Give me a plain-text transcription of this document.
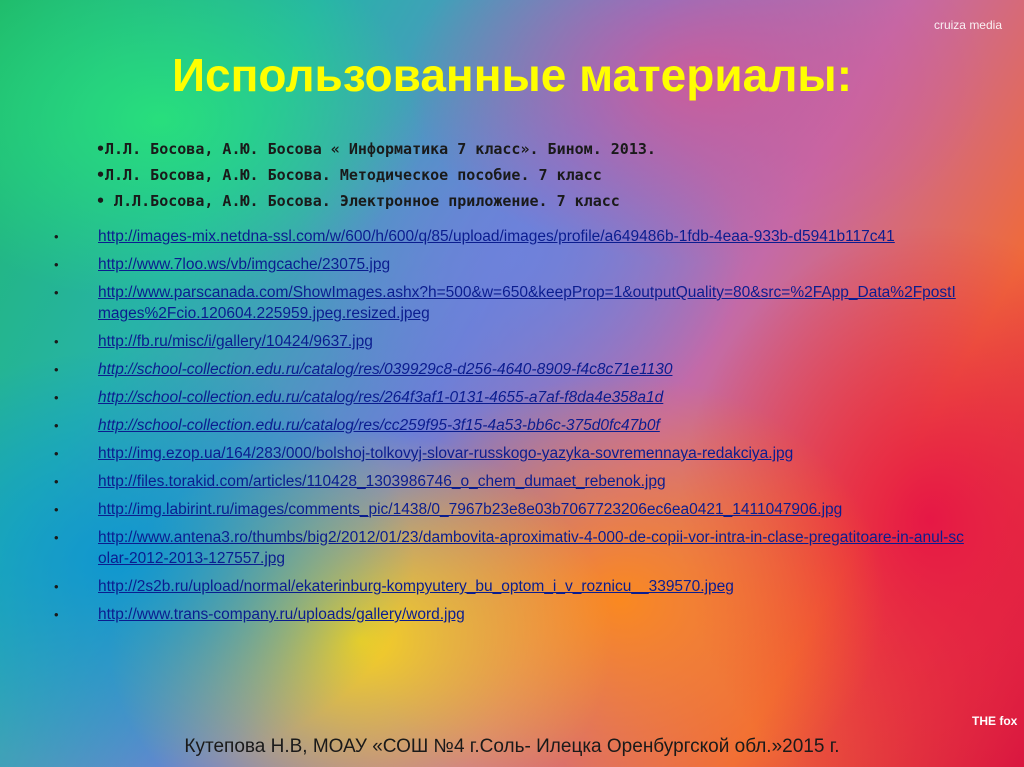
cruiza media
Использованные материалы:
•Л.Л. Босова, А.Ю. Босова « Информатика 7 класс». Бином. 2013.
•Л.Л. Босова, А.Ю. Босова. Методическое пособие. 7 класс
• Л.Л.Босова, А.Ю. Босова. Электронное приложение. 7 класс
•	http://images-mix.netdna-ssl.com/w/600/h/600/q/85/upload/images/profile/a649486b-1fdb-4eaa-933b-d5941b117c41
•	http://www.7loo.ws/vb/imgcache/23075.jpg
•	http://www.parscanada.com/ShowImages.ashx?h=500&w=650&keepProp=1&outputQuality=80&src=%2FApp_Data%2FpostImages%2Fcio.120604.225959.jpeg.resized.jpeg
•	http://fb.ru/misc/i/gallery/10424/9637.jpg
•	http://school-collection.edu.ru/catalog/res/039929c8-d256-4640-8909-f4c8c71e1130
•	http://school-collection.edu.ru/catalog/res/264f3af1-0131-4655-a7af-f8da4e358a1d
•	http://school-collection.edu.ru/catalog/res/cc259f95-3f15-4a53-bb6c-375d0fc47b0f
•	http://img.ezop.ua/164/283/000/bolshoj-tolkovyj-slovar-russkogo-yazyka-sovremennaya-redakciya.jpg
•	http://files.torakid.com/articles/110428_1303986746_o_chem_dumaet_rebenok.jpg
•	http://img.labirint.ru/images/comments_pic/1438/0_7967b23e8e03b7067723206ec6ea0421_1411047906.jpg
•	http://www.antena3.ro/thumbs/big2/2012/01/23/dambovita-aproximativ-4-000-de-copii-vor-intra-in-clase-pregatitoare-in-anul-scolar-2012-2013-127557.jpg
•	http://2s2b.ru/upload/normal/ekaterinburg-kompyutery_bu_optom_i_v_roznicu__339570.jpeg
•	http://www.trans-company.ru/uploads/gallery/word.jpg
THE fox
Кутепова Н.В, МОАУ «СОШ №4 г.Соль- Илецка Оренбургской обл.»2015 г.
